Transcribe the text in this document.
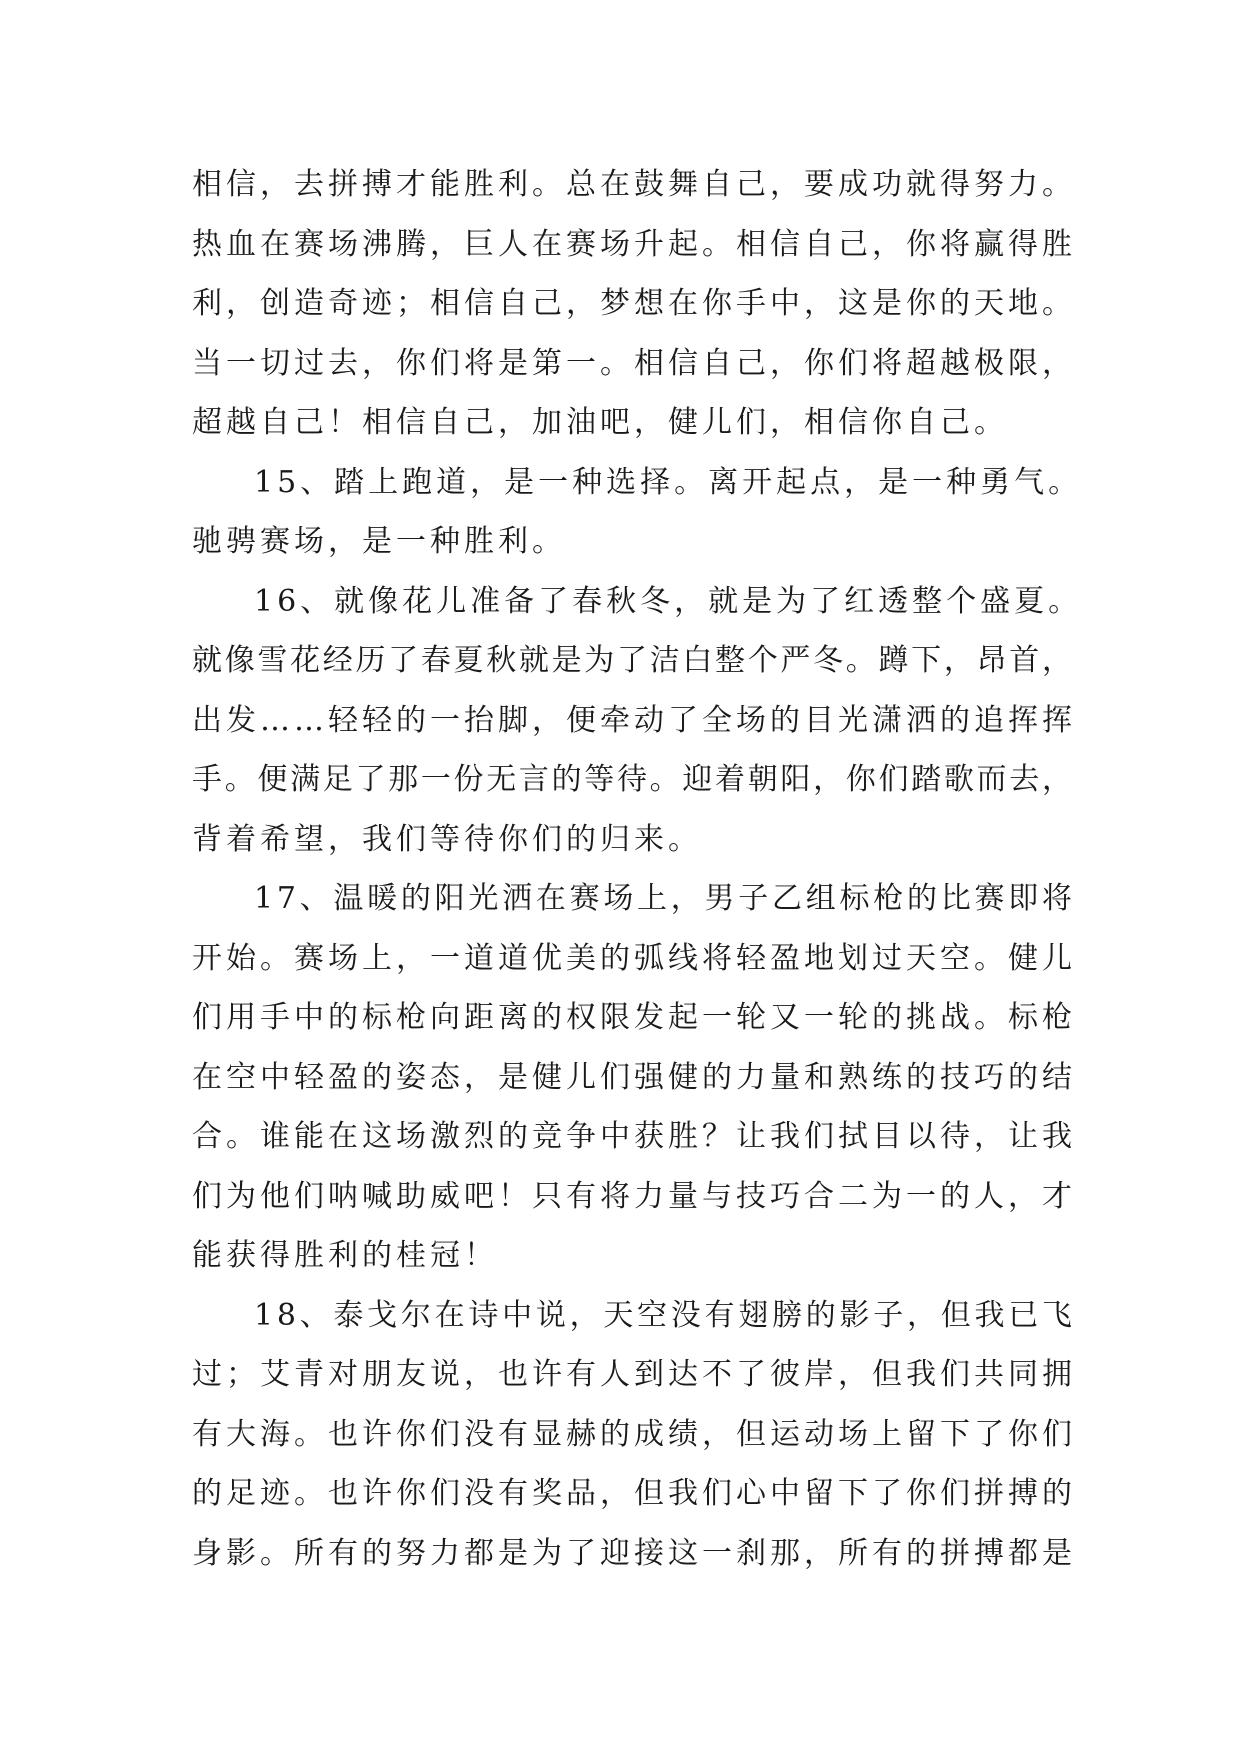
相信，去拼搏才能胜利。总在鼓舞自己，要成功就得努力。
热血在赛场沸腾，巨人在赛场升起。相信自己，你将赢得胜
利，创造奇迹；相信自己，梦想在你手中，这是你的天地。
当一切过去，你们将是第一。相信自己，你们将超越极限，
超越自己！相信自己，加油吧，健儿们，相信你自己。
15、踏上跑道，是一种选择。离开起点，是一种勇气。
驰骋赛场，是一种胜利。
16、就像花儿准备了春秋冬，就是为了红透整个盛夏。
就像雪花经历了春夏秋就是为了洁白整个严冬。蹲下，昂首，
出发……轻轻的一抬脚，便牵动了全场的目光潇洒的追挥挥
手。便满足了那一份无言的等待。迎着朝阳，你们踏歌而去，
背着希望，我们等待你们的归来。
17、温暖的阳光洒在赛场上，男子乙组标枪的比赛即将
开始。赛场上，一道道优美的弧线将轻盈地划过天空。健儿
们用手中的标枪向距离的权限发起一轮又一轮的挑战。标枪
在空中轻盈的姿态，是健儿们强健的力量和熟练的技巧的结
合。谁能在这场激烈的竞争中获胜？让我们拭目以待，让我
们为他们呐喊助威吧！只有将力量与技巧合二为一的人，才
能获得胜利的桂冠！
18、泰戈尔在诗中说，天空没有翅膀的影子，但我已飞
过；艾青对朋友说，也许有人到达不了彼岸，但我们共同拥
有大海。也许你们没有显赫的成绩，但运动场上留下了你们
的足迹。也许你们没有奖品，但我们心中留下了你们拼搏的
身影。所有的努力都是为了迎接这一刹那，所有的拼搏都是
